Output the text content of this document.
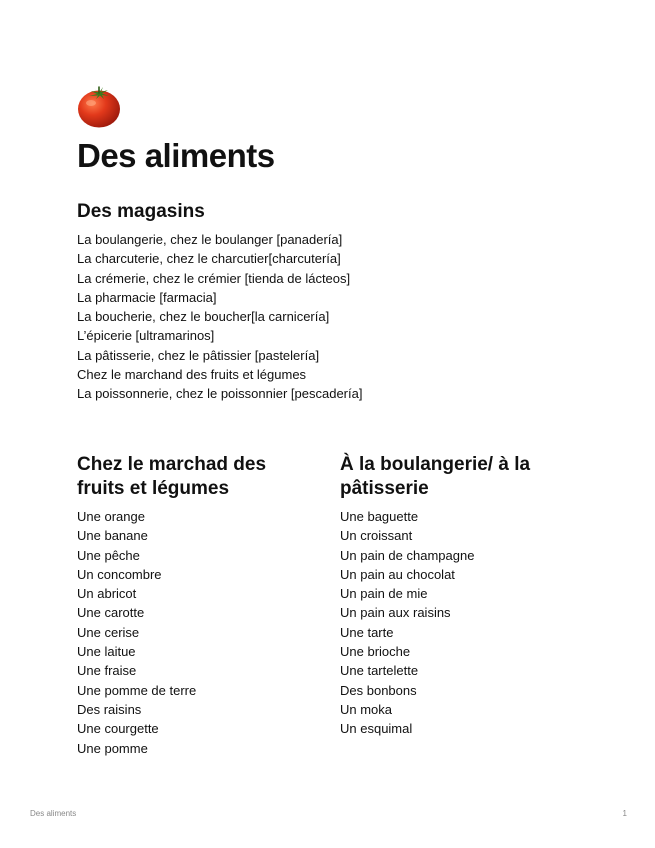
Des aliments
Des magasins
La boulangerie, chez le boulanger [panadería]
La charcuterie, chez le charcutier[charcutería]
La crémerie, chez le crémier [tienda de lácteos]
La pharmacie [farmacia]
La boucherie, chez le boucher[la carnicería]
L’épicerie [ultramarinos]
La pâtisserie, chez le pâtissier [pastelería]
Chez le marchand des fruits et légumes
La poissonnerie, chez le poissonnier [pescadería]
Chez le marchad des
fruits et légumes
Une orange
Une banane
Une pêche
Un concombre
Un abricot
Une carotte
Une cerise
Une laitue
Une fraise
Une pomme de terre
Des raisins
Une courgette
Une pomme
À la boulangerie/ à la
pâtisserie
Une baguette
Un croissant
Un pain de champagne
Un pain au chocolat
Un pain de mie
Un pain aux raisins
Une tarte
Une brioche
Une tartelette
Des bonbons
Un moka
Un esquimal
Des aliments	1
